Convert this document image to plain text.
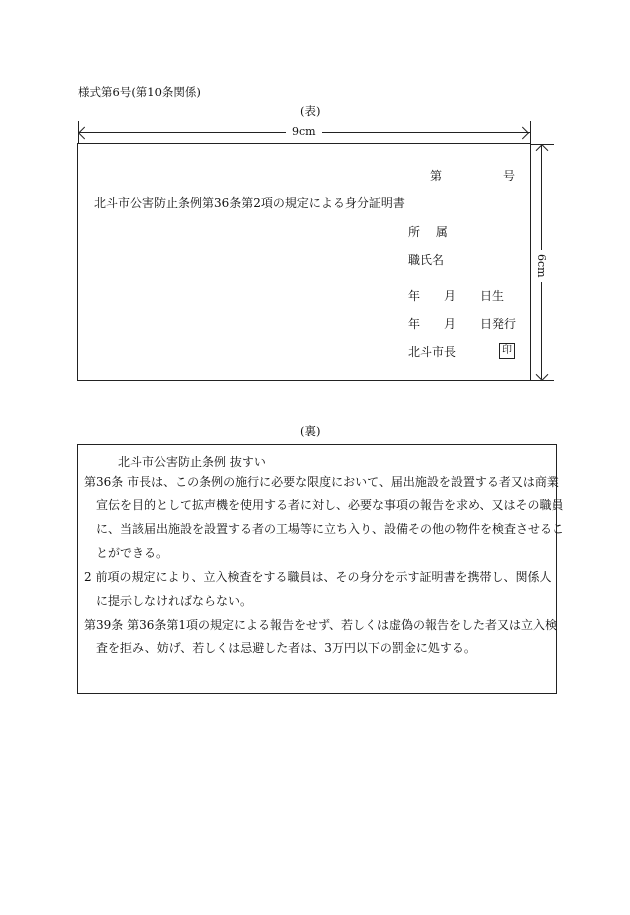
様式第6号(第10条関係)
(表)
9cm
6cm
第	号
北斗市公害防止条例第36条第2項の規定による身分証明書
所 属
職氏名
年 月 日生
年 月 日発行
北斗市長	印
(裏)
北斗市公害防止条例 抜すい
第36条 市長は、この条例の施行に必要な限度において、届出施設を設置する者又は商業
宣伝を目的として拡声機を使用する者に対し、必要な事項の報告を求め、又はその職員
に、当該届出施設を設置する者の工場等に立ち入り、設備その他の物件を検査させるこ
とができる。
2 前項の規定により、立入検査をする職員は、その身分を示す証明書を携帯し、関係人
に提示しなければならない。
第39条 第36条第1項の規定による報告をせず、若しくは虚偽の報告をした者又は立入検
査を拒み、妨げ、若しくは忌避した者は、3万円以下の罰金に処する。
